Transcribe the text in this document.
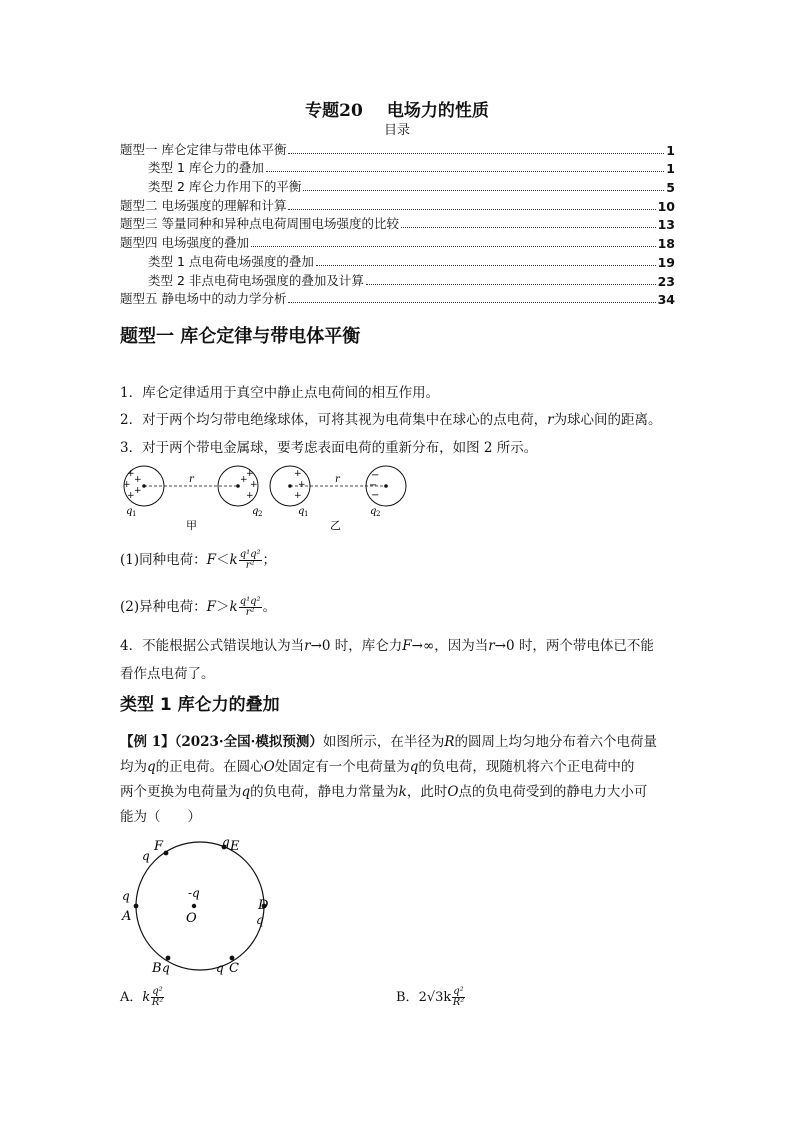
专题20 电场力的性质
目录
题型一 库仑定律与带电体平衡	1
类型 1 库仑力的叠加	1
类型 2 库仑力作用下的平衡	5
题型二 电场强度的理解和计算	10
题型三 等量同种和异种点电荷周围电场强度的比较	13
题型四 电场强度的叠加	18
类型 1 点电荷电场强度的叠加	19
类型 2 非点电荷电场强度的叠加及计算	23
题型五 静电场中的动力学分析	34
题型一 库仑定律与带电体平衡
1．库仑定律适用于真空中静止点电荷间的相互作用。
2．对于两个均匀带电绝缘球体，可将其视为电荷集中在球心的点电荷，r为球心间的距离。
3．对于两个带电金属球，要考虑表面电荷的重新分布，如图 2 所示。
+
+
+
+
+
+
+
+
+
r
q 1	q 2
甲
+
+
+
−
−
−
r
q 1	q 2
乙
(1)同种电荷：$F<k \frac{\text{q¹q²}}{\text{r²}}$ ；
(2)异种电荷：$F>k \frac{\text{q¹q²}}{\text{r²}}$ 。
4．不能根据公式错误地认为当r→0 时，库仑力F→∞，因为当r→0 时，两个带电体已不能
看作点电荷了。
类型 1 库仑力的叠加
【例 1】（2023·全国·模拟预测）如图所示，在半径为R的圆周上均匀地分布着六个电荷量
均为q的正电荷。在圆心O处固定有一个电荷量为q的负电荷，现随机将六个正电荷中的
两个更换为电荷量为q的负电荷，静电力常量为k，此时O点的负电荷受到的静电力大小可
能为（　　）
-q
O
F
q
q E
D
q
q C
B q
q
A
A．k $\frac{\text{q²}}{\text{R²}}$	B．$2√3k \frac{\text{q²}}{\text{R²}}$
